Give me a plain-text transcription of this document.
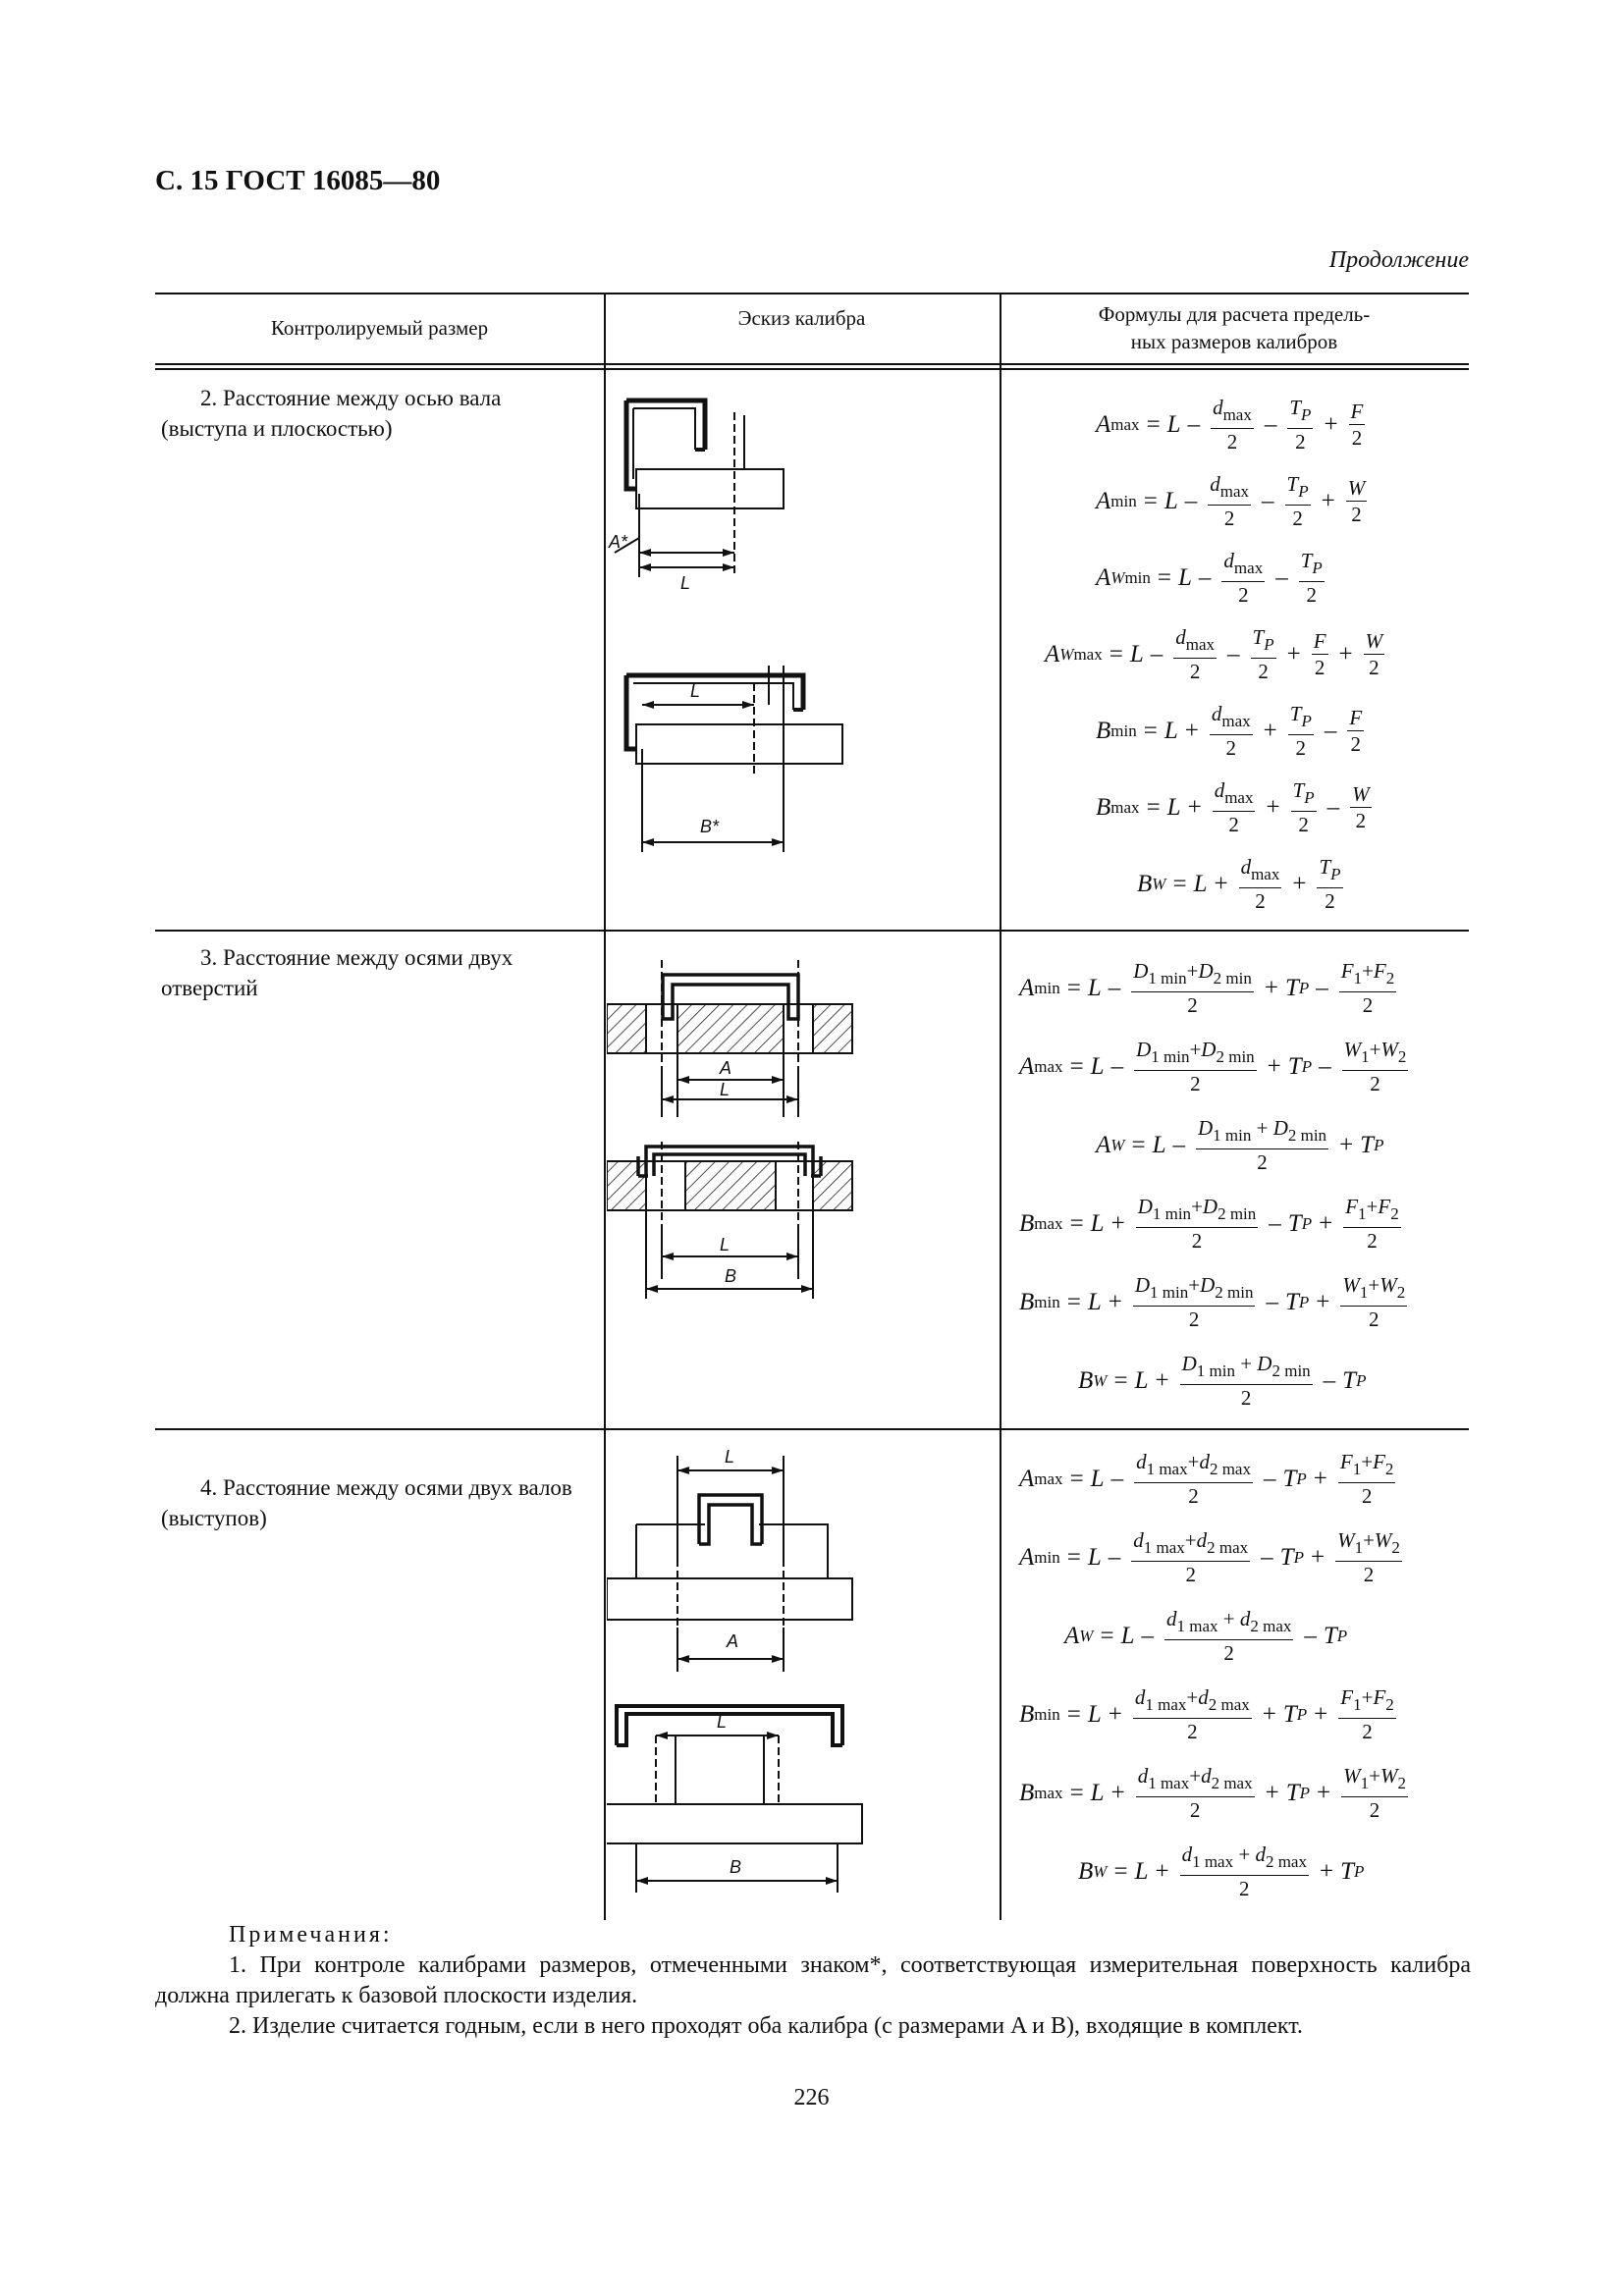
С. 15 ГОСТ 16085—80
Продолжение
Контролируемый размер	Эскиз калибра	Формулы для расчета предель-
ных размеров калибров
2. Расстояние между осью вала (выступа и плоскостью)
A*
L
L
B*
A $\max = L - \frac{d_{max}}{2} - \frac{T_P}{2} + \frac{F}{2}$
A $\min = L - \frac{d_{max}}{2} - \frac{T_P}{2} + \frac{W}{2}$
A W $\min = L - \frac{d_{max}}{2} - \frac{T_P}{2}$
A W $\max = L - \frac{d_{max}}{2} - \frac{T_P}{2} + \frac{F}{2} + \frac{W}{2}$
B $\min = L + \frac{d_{max}}{2} + \frac{T_P}{2} - \frac{F}{2}$
B $\max = L + \frac{d_{max}}{2} + \frac{T_P}{2} - \frac{W}{2}$
B $W = L + \frac{d_{max}}{2} + \frac{T_P}{2}$
3. Расстояние между осями двух отверстий
A
L
L
B
A $\min = L - \frac{D_{1 min}+D_{2 min}}{2} + T$ P – $\frac{F_1+F_2}{2}$
A $\max = L - \frac{D_{1 min}+D_{2 min}}{2} + T$ P – $\frac{W_1+W_2}{2}$
A $W = L - \frac{D_{1 min} + D_{2 min}}{2} + T$ P
B $\max = L + \frac{D_{1 min}+D_{2 min}}{2} - T$ $P + \frac{F_1+F_2}{2}$
B $\min = L + \frac{D_{1 min}+D_{2 min}}{2} - T$ $P + \frac{W_1+W_2}{2}$
B $W = L + \frac{D_{1 min} + D_{2 min}}{2} - T$ P
4. Расстояние между осями двух валов (выступов)
L
A
L
B
A $\max = L - \frac{d_{1 max}+d_{2 max}}{2} - T$ $P + \frac{F_1+F_2}{2}$
A $\min = L - \frac{d_{1 max}+d_{2 max}}{2} - T$ $P + \frac{W_1+W_2}{2}$
A $W = L - \frac{d_{1 max} + d_{2 max}}{2} - T$ P
B $\min = L + \frac{d_{1 max}+d_{2 max}}{2} + T$ $P + \frac{F_1+F_2}{2}$
B $\max = L + \frac{d_{1 max}+d_{2 max}}{2} + T$ $P + \frac{W_1+W_2}{2}$
B $W = L + \frac{d_{1 max} + d_{2 max}}{2} + T$ P
Примечания:

1. При контроле калибрами размеров, отмеченными знаком*, соответствующая измерительная поверхность калибра должна прилегать к базовой плоскости изделия.

2. Изделие считается годным, если в него проходят оба калибра (с размерами A и B), входящие в комплект.

226
